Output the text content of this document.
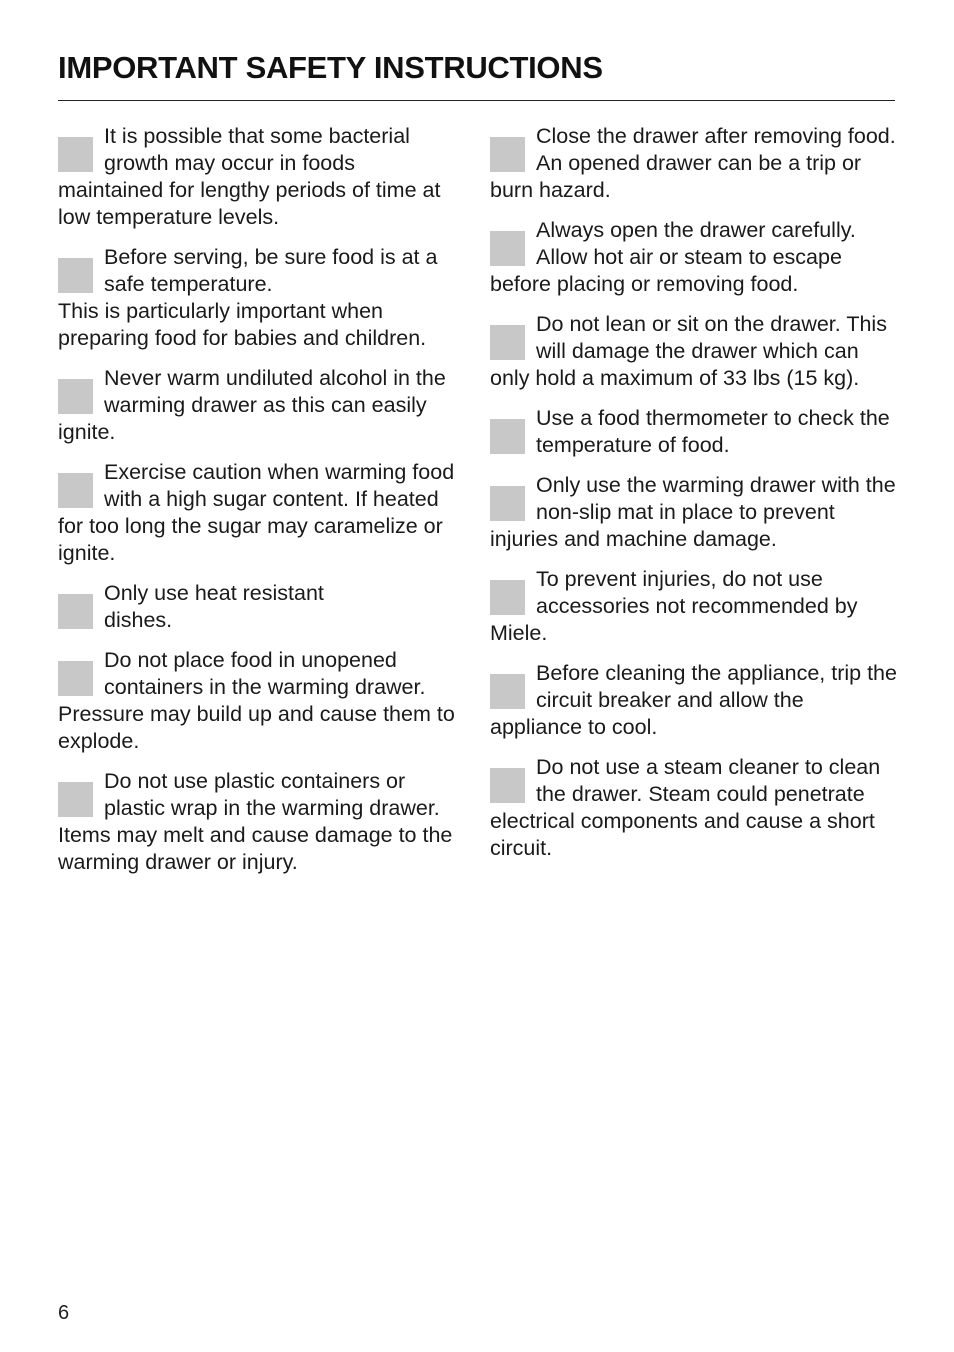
IMPORTANT SAFETY INSTRUCTIONS

It is possible that some bacterial growth may occur in foods maintained for lengthy periods of time at low temperature levels.

Before serving, be sure food is at a safe temperature.

This is particularly important when preparing food for babies and children.

Never warm undiluted alcohol in the warming drawer as this can easily ignite.

Exercise caution when warming food with a high sugar content. If heated for too long the sugar may caramelize or ignite.

Only use heat resistant dishes.

Do not place food in unopened containers in the warming drawer. Pressure may build up and cause them to explode.

Do not use plastic containers or plastic wrap in the warming drawer. Items may melt and cause damage to the warming drawer or injury.

Close the drawer after removing food. An opened drawer can be a trip or burn hazard.

Always open the drawer carefully. Allow hot air or steam to escape before placing or removing food.

Do not lean or sit on the drawer. This will damage the drawer which can only hold a maximum of 33 lbs (15 kg).

Use a food thermometer to check the temperature of food.

Only use the warming drawer with the non-slip mat in place to prevent injuries and machine damage.

To prevent injuries, do not use accessories not recommended by Miele.

Before cleaning the appliance, trip the circuit breaker and allow the appliance to cool.

Do not use a steam cleaner to clean the drawer. Steam could penetrate electrical components and cause a short circuit.

6
